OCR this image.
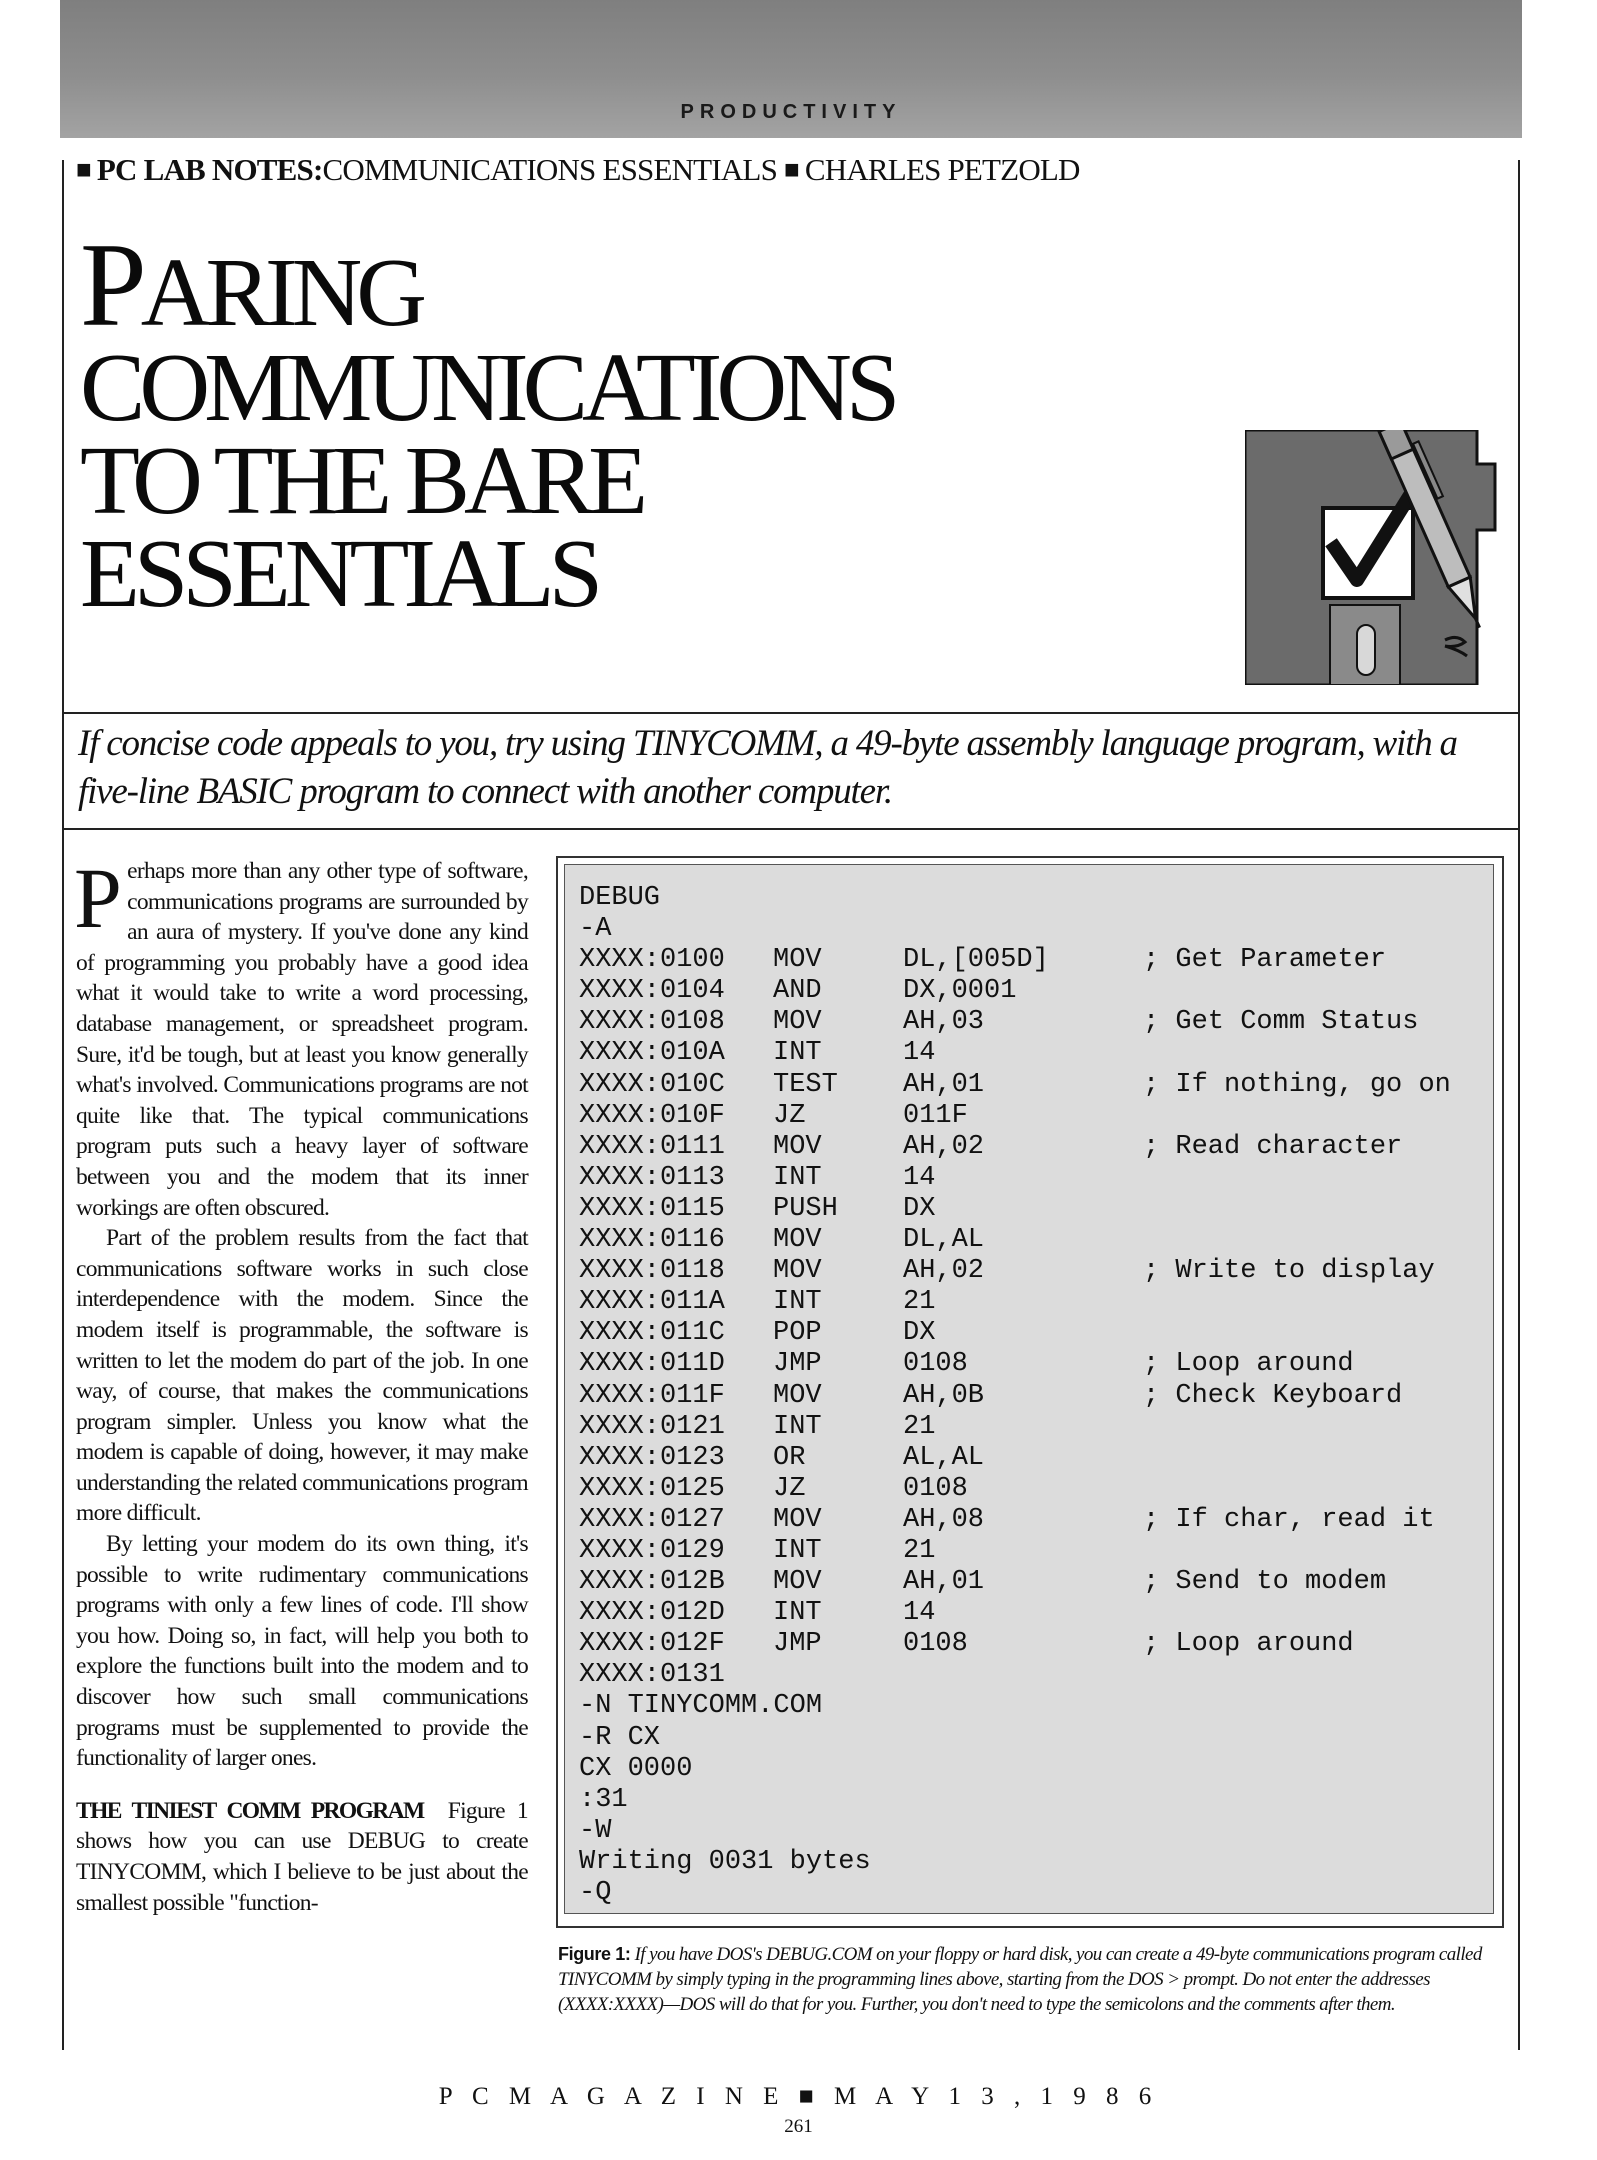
PRODUCTIVITY
■ PC LAB NOTES:COMMUNICATIONS ESSENTIALS ■ CHARLES PETZOLD
PARING
COMMUNICATIONS
TO THE BARE
ESSENTIALS
If concise code appeals to you, try using TINYCOMM, a 49-byte assembly language program, with a five-line BASIC program to connect with another computer.

Perhaps more than any other type of software, communications programs are surrounded by an aura of mystery. If you've done any kind of programming you probably have a good idea what it would take to write a word processing, database management, or spreadsheet program. Sure, it'd be tough, but at least you know generally what's involved. Communications programs are not quite like that. The typical communications program puts such a heavy layer of software between you and the modem that its inner workings are often obscured.

Part of the problem results from the fact that communications software works in such close interdependence with the modem. Since the modem itself is programmable, the software is written to let the modem do part of the job. In one way, of course, that makes the communications program simpler. Unless you know what the modem is capable of doing, however, it may make understanding the related communications program more difficult.

By letting your modem do its own thing, it's possible to write rudimentary communications programs with only a few lines of code. I'll show you how. Doing so, in fact, will help you both to explore the functions built into the modem and to discover how such small communications programs must be supplemented to provide the functionality of larger ones.

THE TINIEST COMM PROGRAM Figure 1 shows how you can use DEBUG to create TINYCOMM, which I believe to be just about the smallest possible "function-

DEBUG
-A
XXXX:0100 MOV	DL,[005D]	; Get Parameter
XXXX:0104 AND	DX,0001
XXXX:0108 MOV	AH,03	; Get Comm Status
XXXX:010A INT	14
XXXX:010C TEST AH,01	; If nothing, go on
XXXX:010F JZ	011F
XXXX:0111 MOV	AH,02	; Read character
XXXX:0113 INT	14
XXXX:0115 PUSH DX
XXXX:0116 MOV	DL,AL
XXXX:0118 MOV	AH,02	; Write to display
XXXX:011A INT	21
XXXX:011C POP	DX
XXXX:011D JMP	0108	; Loop around
XXXX:011F MOV	AH,0B	; Check Keyboard
XXXX:0121 INT	21
XXXX:0123 OR	AL,AL
XXXX:0125 JZ	0108
XXXX:0127 MOV	AH,08	; If char, read it
XXXX:0129 INT	21
XXXX:012B MOV	AH,01	; Send to modem
XXXX:012D INT	14
XXXX:012F JMP	0108	; Loop around
XXXX:0131
-N TINYCOMM.COM
-R CX
CX 0000
:31
-W
Writing 0031 bytes
-Q
Figure 1: If you have DOS's DEBUG.COM on your floppy or hard disk, you can create a 49-byte communications program called TINYCOMM by simply typing in the programming lines above, starting from the DOS > prompt. Do not enter the addresses (XXXX:XXXX)—DOS will do that for you. Further, you don't need to type the semicolons and the comments after them.
P C M A G A Z I N E ■ M A Y 1 3 , 1 9 8 6
261
